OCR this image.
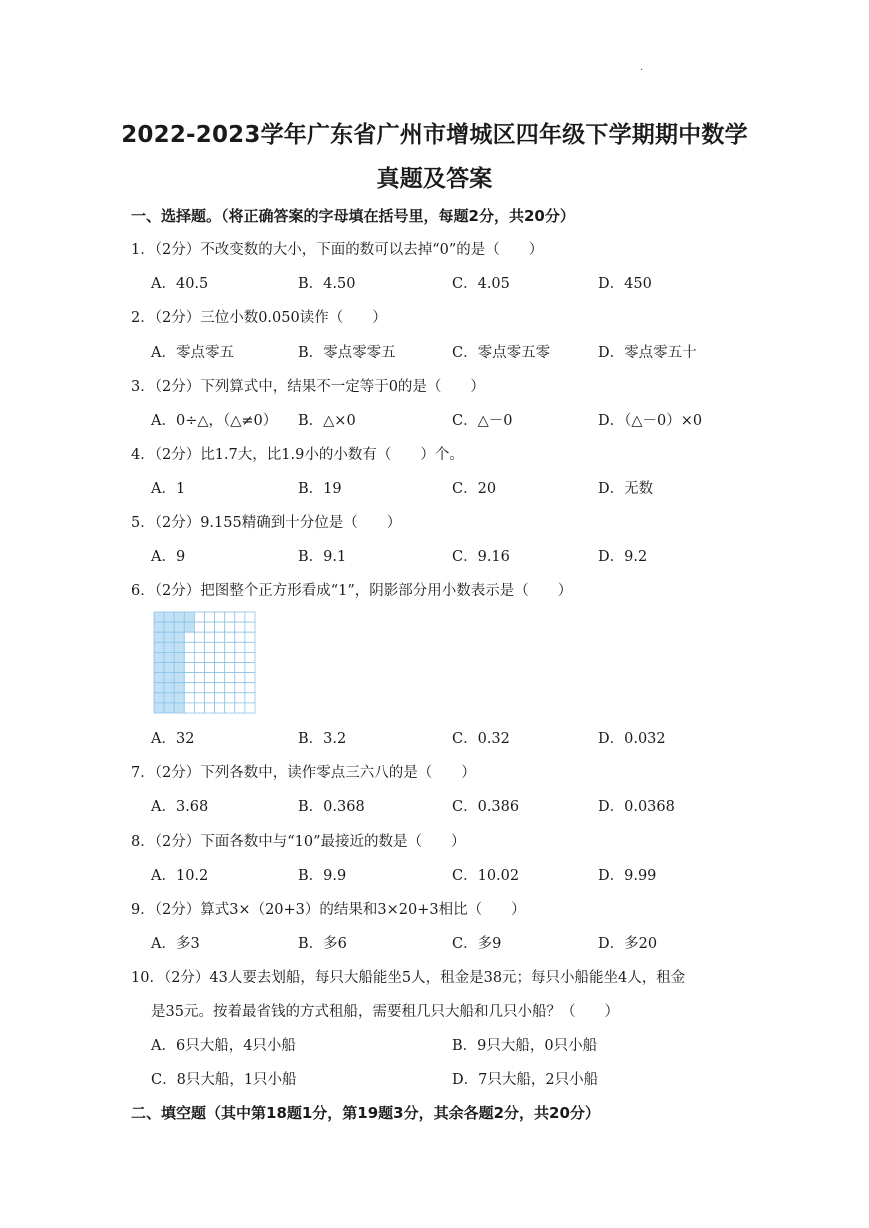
.
2022-2023学年广东省广州市增城区四年级下学期期中数学
真题及答案
一、选择题。（将正确答案的字母填在括号里，每题2分，共20分）
1．（2分）不改变数的大小，下面的数可以去掉“0”的是（　　）
A．40.5	B．4.50	C．4.05	D．450
2．（2分）三位小数0.050读作（　　）
A．零点零五	B．零点零零五	C．零点零五零	D．零点零五十
3．（2分）下列算式中，结果不一定等于0的是（　　）
A．0÷△，（△≠0） B．△×0	C．△－0	D．（△－0）×0
4．（2分）比1.7大，比1.9小的小数有（　　）个。
A．1	B．19	C．20	D．无数
5．（2分）9.155精确到十分位是（　　）
A．9	B．9.1	C．9.16	D．9.2
6．（2分）把图整个正方形看成“1”，阴影部分用小数表示是（　　）
A．32	B．3.2	C．0.32	D．0.032
7．（2分）下列各数中，读作零点三六八的是（　　）
A．3.68	B．0.368	C．0.386	D．0.0368
8．（2分）下面各数中与“10”最接近的数是（　　）
A．10.2	B．9.9	C．10.02	D．9.99
9．（2分）算式3×（20+3）的结果和3×20+3相比（　　）
A．多3	B．多6	C．多9	D．多20
10．（2分）43人要去划船，每只大船能坐5人，租金是38元；每只小船能坐4人，租金
是35元。按着最省钱的方式租船，需要租几只大船和几只小船？（　　）
A．6只大船，4只小船	B．9只大船，0只小船
C．8只大船，1只小船	D．7只大船，2只小船
二、填空题（其中第18题1分，第19题3分，其余各题2分，共20分）
